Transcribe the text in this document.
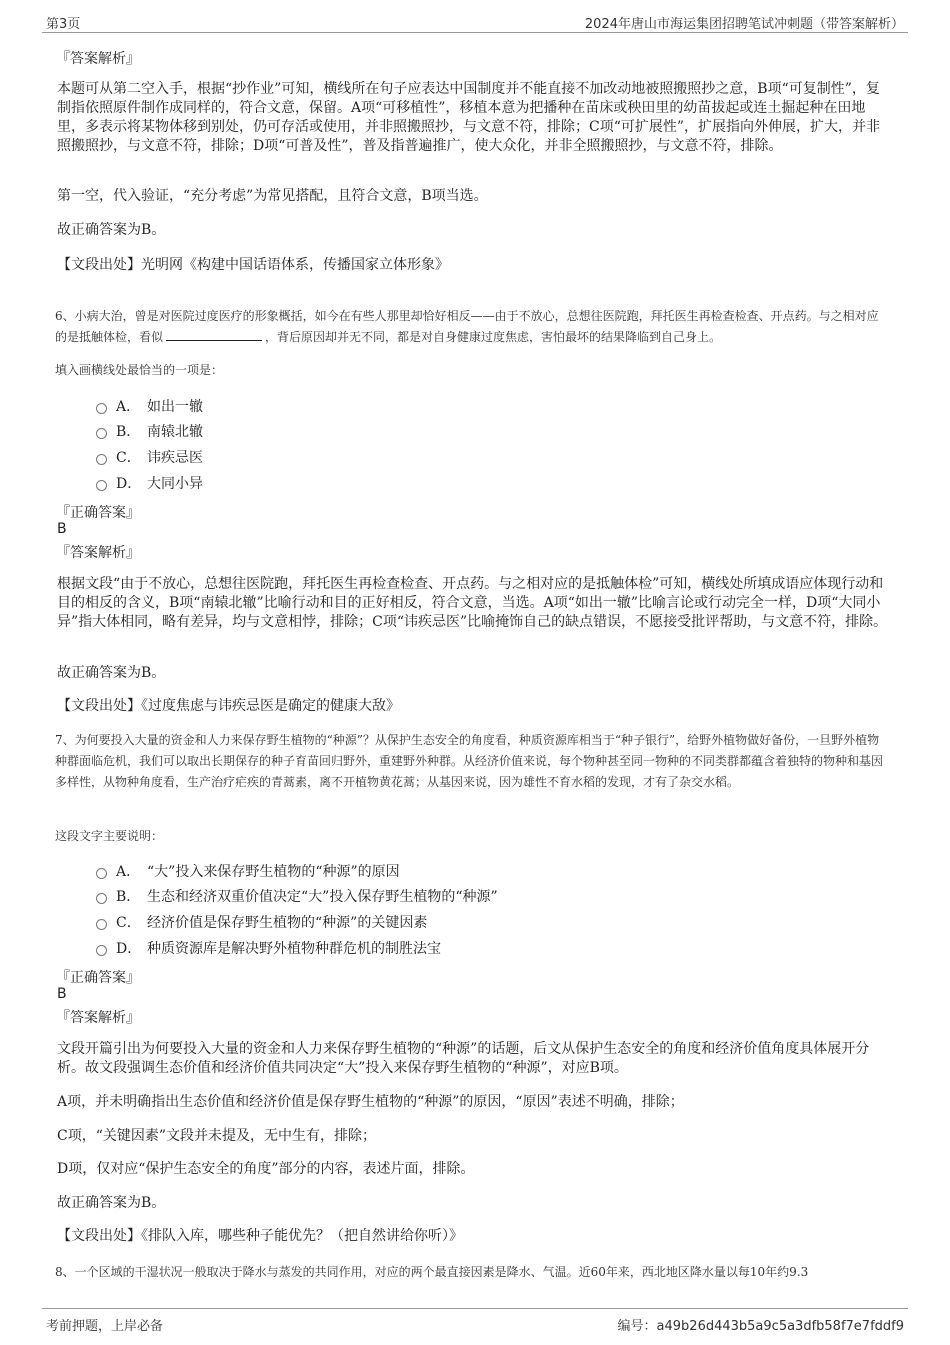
第3页	2024年唐山市海运集团招聘笔试冲刺题（带答案解析）
『答案解析』
本题可从第二空入手，根据“抄作业”可知，横线所在句子应表达中国制度并不能直接不加改动地被照搬照抄之意，B项“可复制性”，复制指依照原件制作成同样的，符合文意，保留。A项“可移植性”，移植本意为把播种在苗床或秧田里的幼苗拔起或连土掘起种在田地里，多表示将某物体移到别处，仍可存活或使用，并非照搬照抄，与文意不符，排除；C项“可扩展性”，扩展指向外伸展，扩大，并非照搬照抄，与文意不符，排除；D项“可普及性”，普及指普遍推广，使大众化，并非全照搬照抄，与文意不符，排除。
第一空，代入验证，“充分考虑”为常见搭配，且符合文意，B项当选。
故正确答案为B。
【文段出处】光明网《构建中国话语体系，传播国家立体形象》
6、小病大治，曾是对医院过度医疗的形象概括，如今在有些人那里却恰好相反——由于不放心，总想往医院跑，拜托医生再检查检查、开点药。与之相对应的是抵触体检，看似	，背后原因却并无不同，都是对自身健康过度焦虑，害怕最坏的结果降临到自己身上。
填入画横线处最恰当的一项是：
A． 如出一辙
B． 南辕北辙
C． 讳疾忌医
D． 大同小异
『正确答案』
B
『答案解析』
根据文段“由于不放心，总想往医院跑，拜托医生再检查检查、开点药。与之相对应的是抵触体检”可知，横线处所填成语应体现行动和目的相反的含义，B项“南辕北辙”比喻行动和目的正好相反，符合文意，当选。A项“如出一辙”比喻言论或行动完全一样，D项“大同小异”指大体相同，略有差异，均与文意相悖，排除；C项“讳疾忌医”比喻掩饰自己的缺点错误，不愿接受批评帮助，与文意不符，排除。
故正确答案为B。
【文段出处】《过度焦虑与讳疾忌医是确定的健康大敌》
7、为何要投入大量的资金和人力来保存野生植物的“种源”？从保护生态安全的角度看，种质资源库相当于“种子银行”，给野外植物做好备份，一旦野外植物种群面临危机，我们可以取出长期保存的种子育苗回归野外，重建野外种群。从经济价值来说，每个物种甚至同一物种的不同类群都蕴含着独特的物种和基因多样性，从物种角度看，生产治疗疟疾的青蒿素，离不开植物黄花蒿；从基因来说，因为雄性不育水稻的发现，才有了杂交水稻。
这段文字主要说明：
A． “大”投入来保存野生植物的“种源”的原因
B． 生态和经济双重价值决定“大”投入保存野生植物的“种源”
C． 经济价值是保存野生植物的“种源”的关键因素
D． 种质资源库是解决野外植物种群危机的制胜法宝
『正确答案』
B
『答案解析』
文段开篇引出为何要投入大量的资金和人力来保存野生植物的“种源”的话题，后文从保护生态安全的角度和经济价值角度具体展开分析。故文段强调生态价值和经济价值共同决定“大”投入来保存野生植物的“种源”，对应B项。
A项，并未明确指出生态价值和经济价值是保存野生植物的“种源”的原因，“原因”表述不明确，排除；
C项，“关键因素”文段并未提及，无中生有，排除；
D项，仅对应“保护生态安全的角度”部分的内容，表述片面，排除。
故正确答案为B。
【文段出处】《排队入库，哪些种子能优先？（把自然讲给你听）》
8、一个区域的干湿状况一般取决于降水与蒸发的共同作用，对应的两个最直接因素是降水、气温。近60年来，西北地区降水量以每10年约9.3
考前押题，上岸必备	编号：a49b26d443b5a9c5a3dfb58f7e7fddf9
